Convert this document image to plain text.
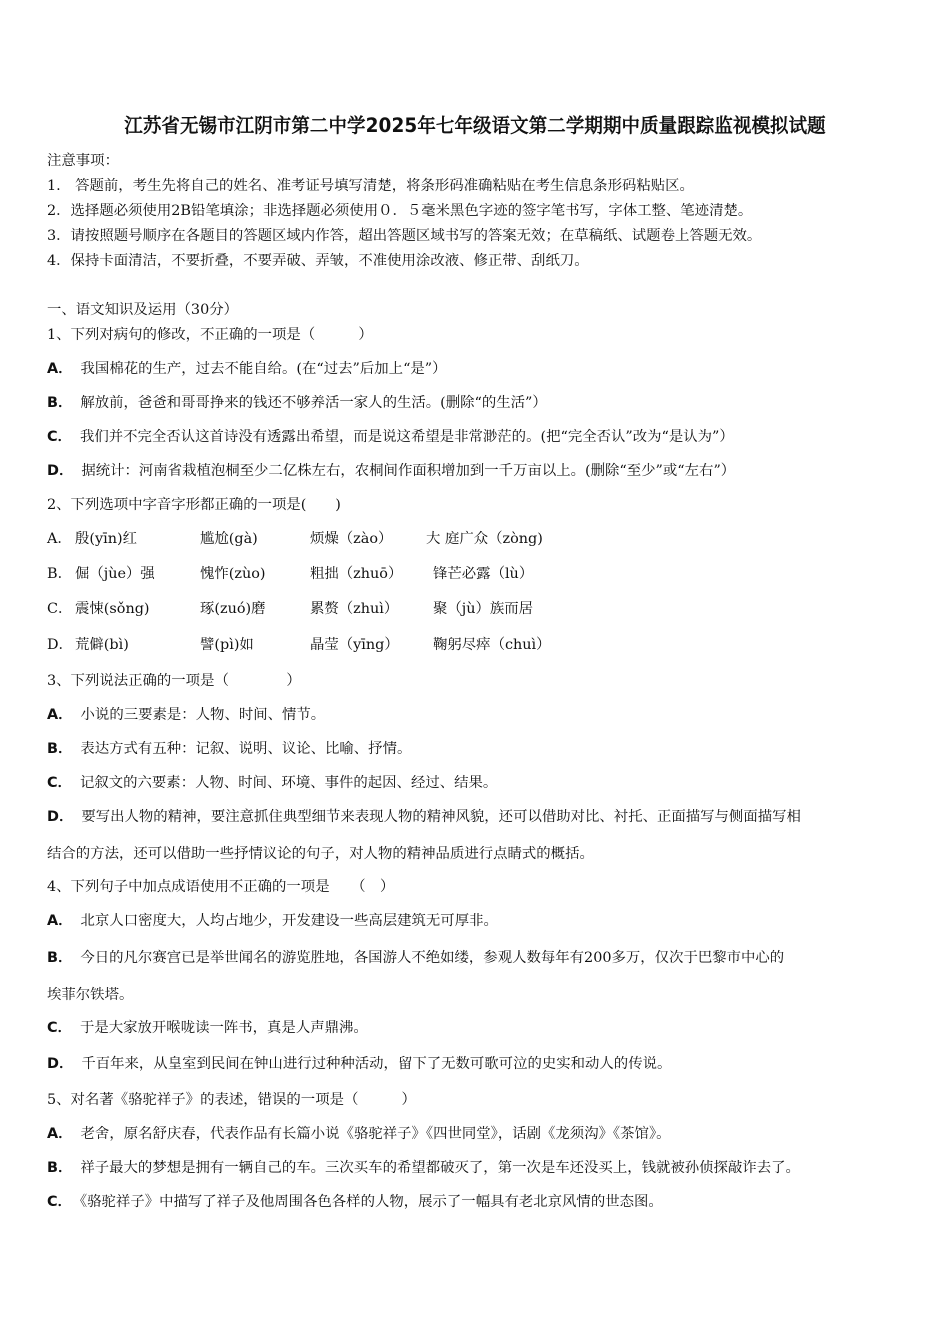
江苏省无锡市江阴市第二中学2025年七年级语文第二学期期中质量跟踪监视模拟试题
注意事项：
1.　答题前，考生先将自己的姓名、准考证号填写清楚，将条形码准确粘贴在考生信息条形码粘贴区。
2．选择题必须使用2B铅笔填涂；非选择题必须使用０．５毫米黑色字迹的签字笔书写，字体工整、笔迹清楚。
3．请按照题号顺序在各题目的答题区域内作答，超出答题区域书写的答案无效；在草稿纸、试题卷上答题无效。
4．保持卡面清洁，不要折叠，不要弄破、弄皱，不准使用涂改液、修正带、刮纸刀。
一、语文知识及运用（30分）
1、下列对病句的修改，不正确的一项是（　　　）
A． 我国棉花的生产，过去不能自给。(在“过去”后加上“是”）
B． 解放前，爸爸和哥哥挣来的钱还不够养活一家人的生活。(删除“的生活”）
C． 我们并不完全否认这首诗没有透露出希望，而是说这希望是非常渺茫的。(把“完全否认”改为“是认为”）
D． 据统计：河南省栽植泡桐至少二亿株左右，农桐间作面积增加到一千万亩以上。(删除“至少”或“左右”）
2、下列选项中字音字形都正确的一项是(　　)
A． 殷(yīn)红	尴尬(gà)	烦燥（zào） 大 庭广众（zòng)
B． 倔（jùe）强	愧怍(zùo)	粗拙（zhuō） 锋芒必露（lù）
C． 震悚(sǒng)	琢(zuó)磨	累赘（zhuì） 聚（jù）族而居
D． 荒僻(bì)	譬(pì)如	晶莹（yīng） 鞠躬尽瘁（chuì）
3、下列说法正确的一项是（　　　　）
A． 小说的三要素是：人物、时间、情节。
B． 表达方式有五种：记叙、说明、议论、比喻、抒情。
C． 记叙文的六要素：人物、时间、环境、事件的起因、经过、结果。
D． 要写出人物的精神，要注意抓住典型细节来表现人物的精神风貌，还可以借助对比、衬托、正面描写与侧面描写相
结合的方法，还可以借助一些抒情议论的句子，对人物的精神品质进行点睛式的概括。
4、下列句子中加点成语使用不正确的一项是　　（　）
A． 北京人口密度大，人均占地少，开发建设一些高层建筑无可厚非。
B． 今日的凡尔赛宫已是举世闻名的游览胜地，各国游人不绝如缕，参观人数每年有200多万，仅次于巴黎市中心的
埃菲尔铁塔。
C． 于是大家放开喉咙读一阵书，真是人声鼎沸。
D． 千百年来，从皇室到民间在钟山进行过种种活动，留下了无数可歌可泣的史实和动人的传说。
5、对名著《骆驼祥子》的表述，错误的一项是（　　　）
A． 老舍，原名舒庆春，代表作品有长篇小说《骆驼祥子》《四世同堂》，话剧《龙须沟》《茶馆》。
B． 祥子最大的梦想是拥有一辆自己的车。三次买车的希望都破灭了，第一次是车还没买上，钱就被孙侦探敲诈去了。
C． 《骆驼祥子》中描写了祥子及他周围各色各样的人物，展示了一幅具有老北京风情的世态图。
